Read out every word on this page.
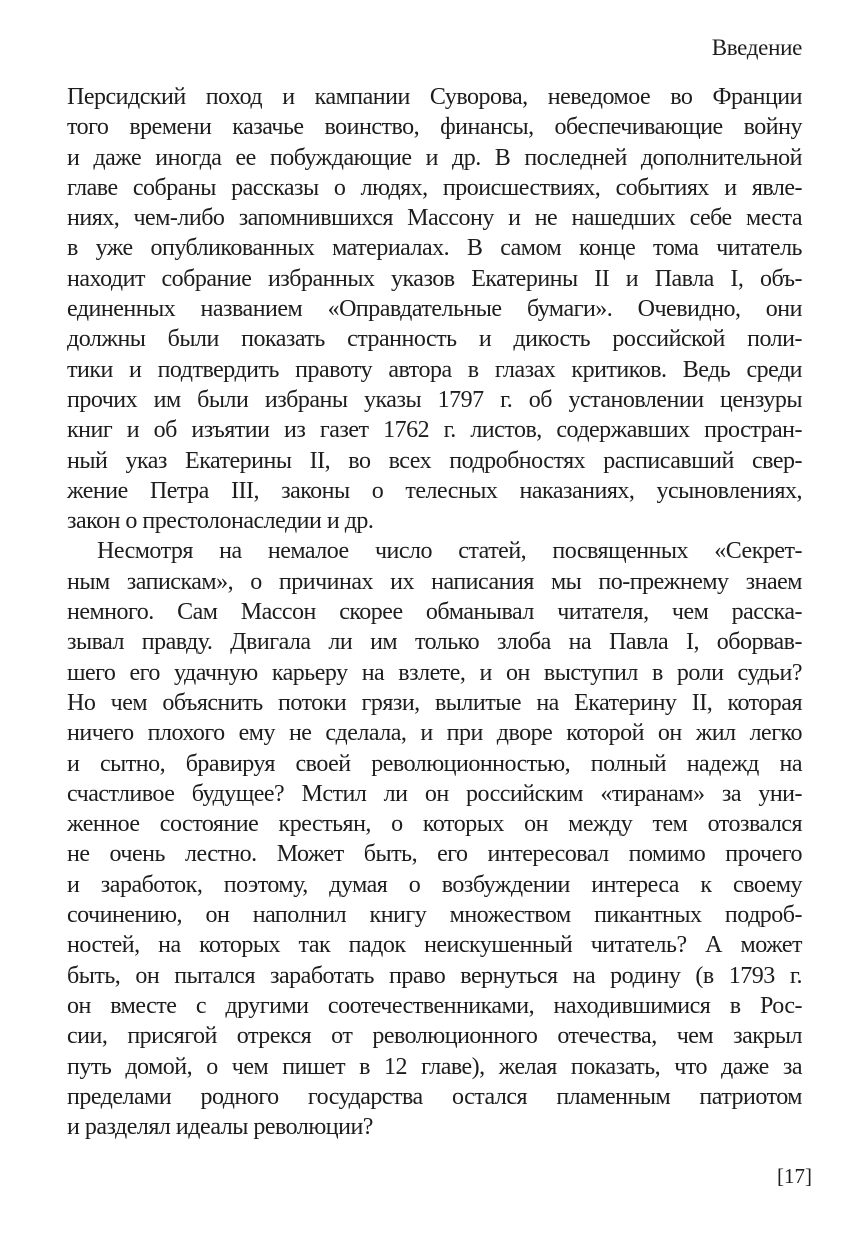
Введение

Персидский поход и кампании Суворова, неведомое во Франции
того времени казачье воинство, финансы, обеспечивающие войну
и даже иногда ее побуждающие и др. В последней дополнительной
главе собраны рассказы о людях, происшествиях, событиях и явле-
ниях, чем-либо запомнившихся Массону и не нашедших себе места
в уже опубликованных материалах. В самом конце тома читатель
находит собрание избранных указов Екатерины II и Павла I, объ-
единенных названием «Оправдательные бумаги». Очевидно, они
должны были показать странность и дикость российской поли-
тики и подтвердить правоту автора в глазах критиков. Ведь среди
прочих им были избраны указы 1797 г. об установлении цензуры
книг и об изъятии из газет 1762 г. листов, содержавших простран-
ный указ Екатерины II, во всех подробностях расписавший свер-
жение Петра III, законы о телесных наказаниях, усыновлениях,
закон о престолонаследии и др.

Несмотря на немалое число статей, посвященных «Секрет-
ным запискам», о причинах их написания мы по-прежнему знаем
немного. Сам Массон скорее обманывал читателя, чем расска-
зывал правду. Двигала ли им только злоба на Павла I, оборвав-
шего его удачную карьеру на взлете, и он выступил в роли судьи?
Но чем объяснить потоки грязи, вылитые на Екатерину II, которая
ничего плохого ему не сделала, и при дворе которой он жил легко
и сытно, бравируя своей революционностью, полный надежд на
счастливое будущее? Мстил ли он российским «тиранам» за уни-
женное состояние крестьян, о которых он между тем отозвался
не очень лестно. Может быть, его интересовал помимо прочего
и заработок, поэтому, думая о возбуждении интереса к своему
сочинению, он наполнил книгу множеством пикантных подроб-
ностей, на которых так падок неискушенный читатель? А может
быть, он пытался заработать право вернуться на родину (в 1793 г.
он вместе с другими соотечественниками, находившимися в Рос-
сии, присягой отрекся от революционного отечества, чем закрыл
путь домой, о чем пишет в 12 главе), желая показать, что даже за
пределами родного государства остался пламенным патриотом
и разделял идеалы революции?

[17]
